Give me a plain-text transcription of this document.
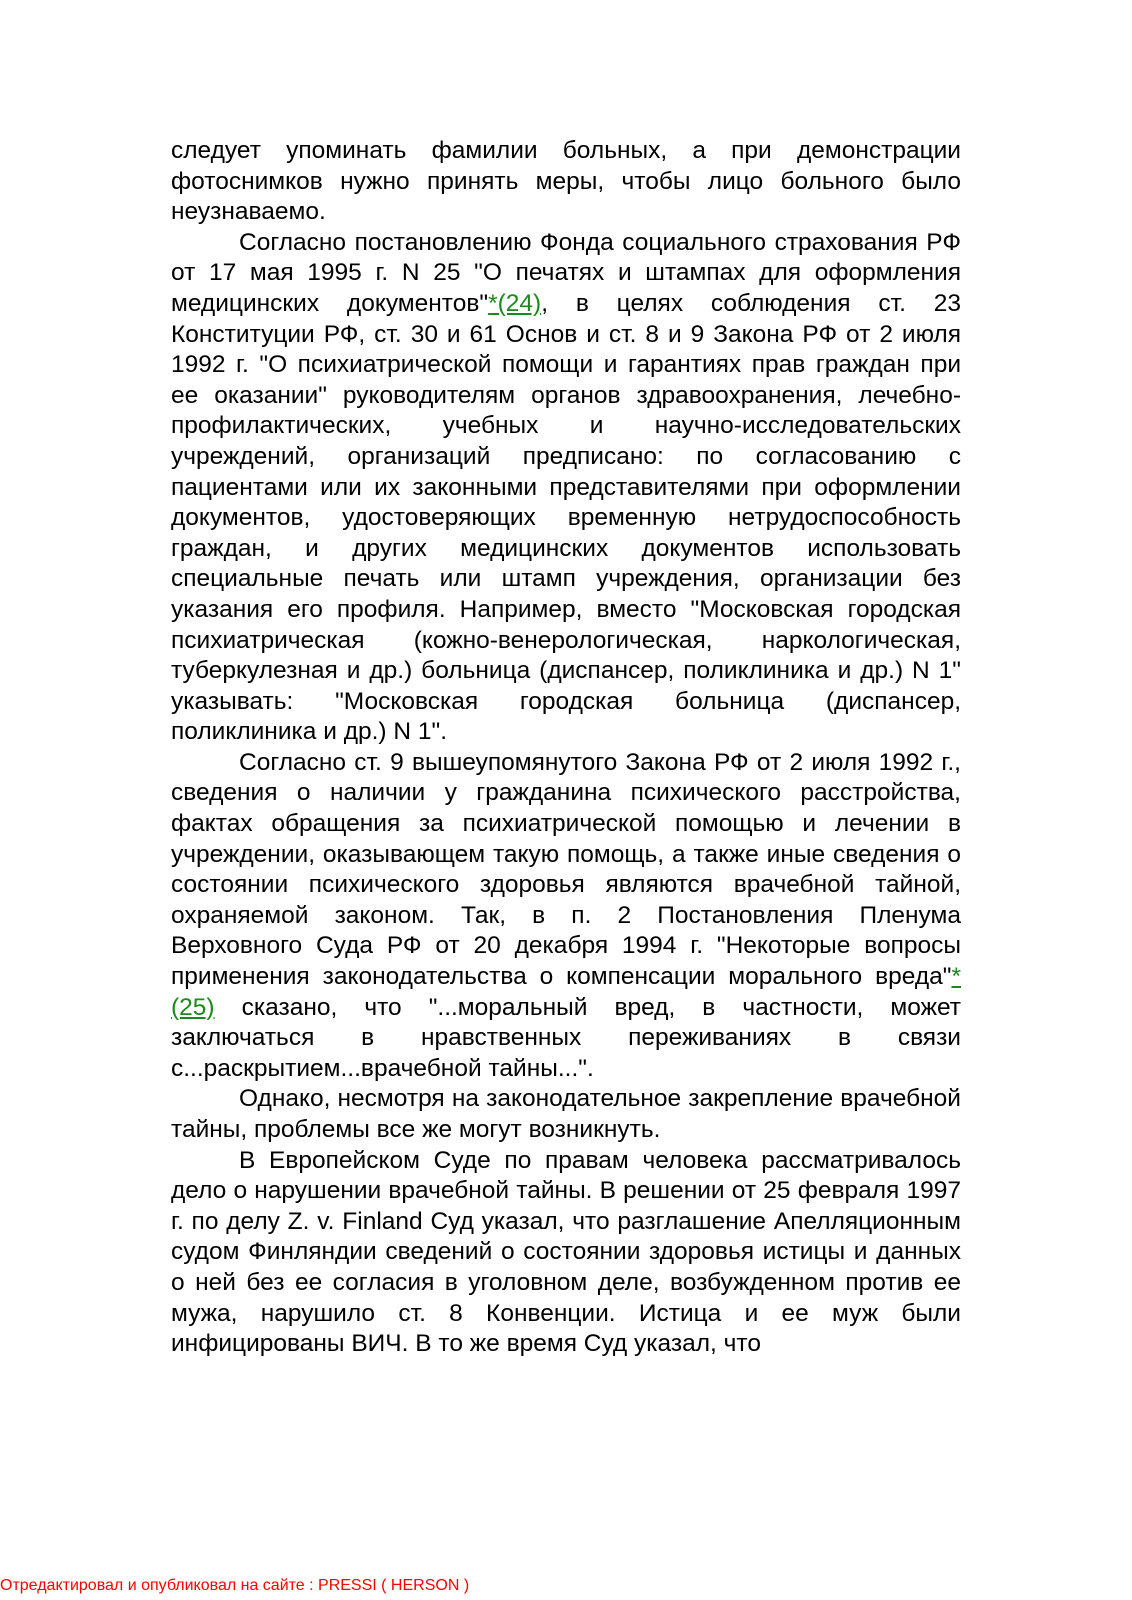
следует упоминать фамилии больных, а при демонстрации фотоснимков нужно принять меры, чтобы лицо больного было неузнаваемо.

Согласно постановлению Фонда социального страхования РФ от 17 мая 1995 г. N 25 "О печатях и штампах для оформления медицинских документов"*(24), в целях соблюдения ст. 23 Конституции РФ, ст. 30 и 61 Основ и ст. 8 и 9 Закона РФ от 2 июля 1992 г. "О психиатрической помощи и гарантиях прав граждан при ее оказании" руководителям органов здравоохранения, лечебно-профилактических, учебных и научно-исследовательских учреждений, организаций предписано: по согласованию с пациентами или их законными представителями при оформлении документов, удостоверяющих временную нетрудоспособность граждан, и других медицинских документов использовать специальные печать или штамп учреждения, организации без указания его профиля. Например, вместо "Московская городская психиатрическая (кожно-венерологическая, наркологическая, туберкулезная и др.) больница (диспансер, поликлиника и др.) N 1" указывать: "Московская городская больница (диспансер, поликлиника и др.) N 1".

Согласно ст. 9 вышеупомянутого Закона РФ от 2 июля 1992 г., сведения о наличии у гражданина психического расстройства, фактах обращения за психиатрической помощью и лечении в учреждении, оказывающем такую помощь, а также иные сведения о состоянии психического здоровья являются врачебной тайной, охраняемой законом. Так, в п. 2 Постановления Пленума Верховного Суда РФ от 20 декабря 1994 г. "Некоторые вопросы применения законодательства о компенсации морального вреда"*(25) сказано, что "...моральный вред, в частности, может заключаться в нравственных переживаниях в связи с...раскрытием...врачебной тайны...".

Однако, несмотря на законодательное закрепление врачебной тайны, проблемы все же могут возникнуть.

В Европейском Суде по правам человека рассматривалось дело о нарушении врачебной тайны. В решении от 25 февраля 1997 г. по делу Z. v. Finland Суд указал, что разглашение Апелляционным судом Финляндии сведений о состоянии здоровья истицы и данных о ней без ее согласия в уголовном деле, возбужденном против ее мужа, нарушило ст. 8 Конвенции. Истица и ее муж были инфицированы ВИЧ. В то же время Суд указал, что

Отредактировал и опубликовал на сайте : PRESSI ( HERSON )
